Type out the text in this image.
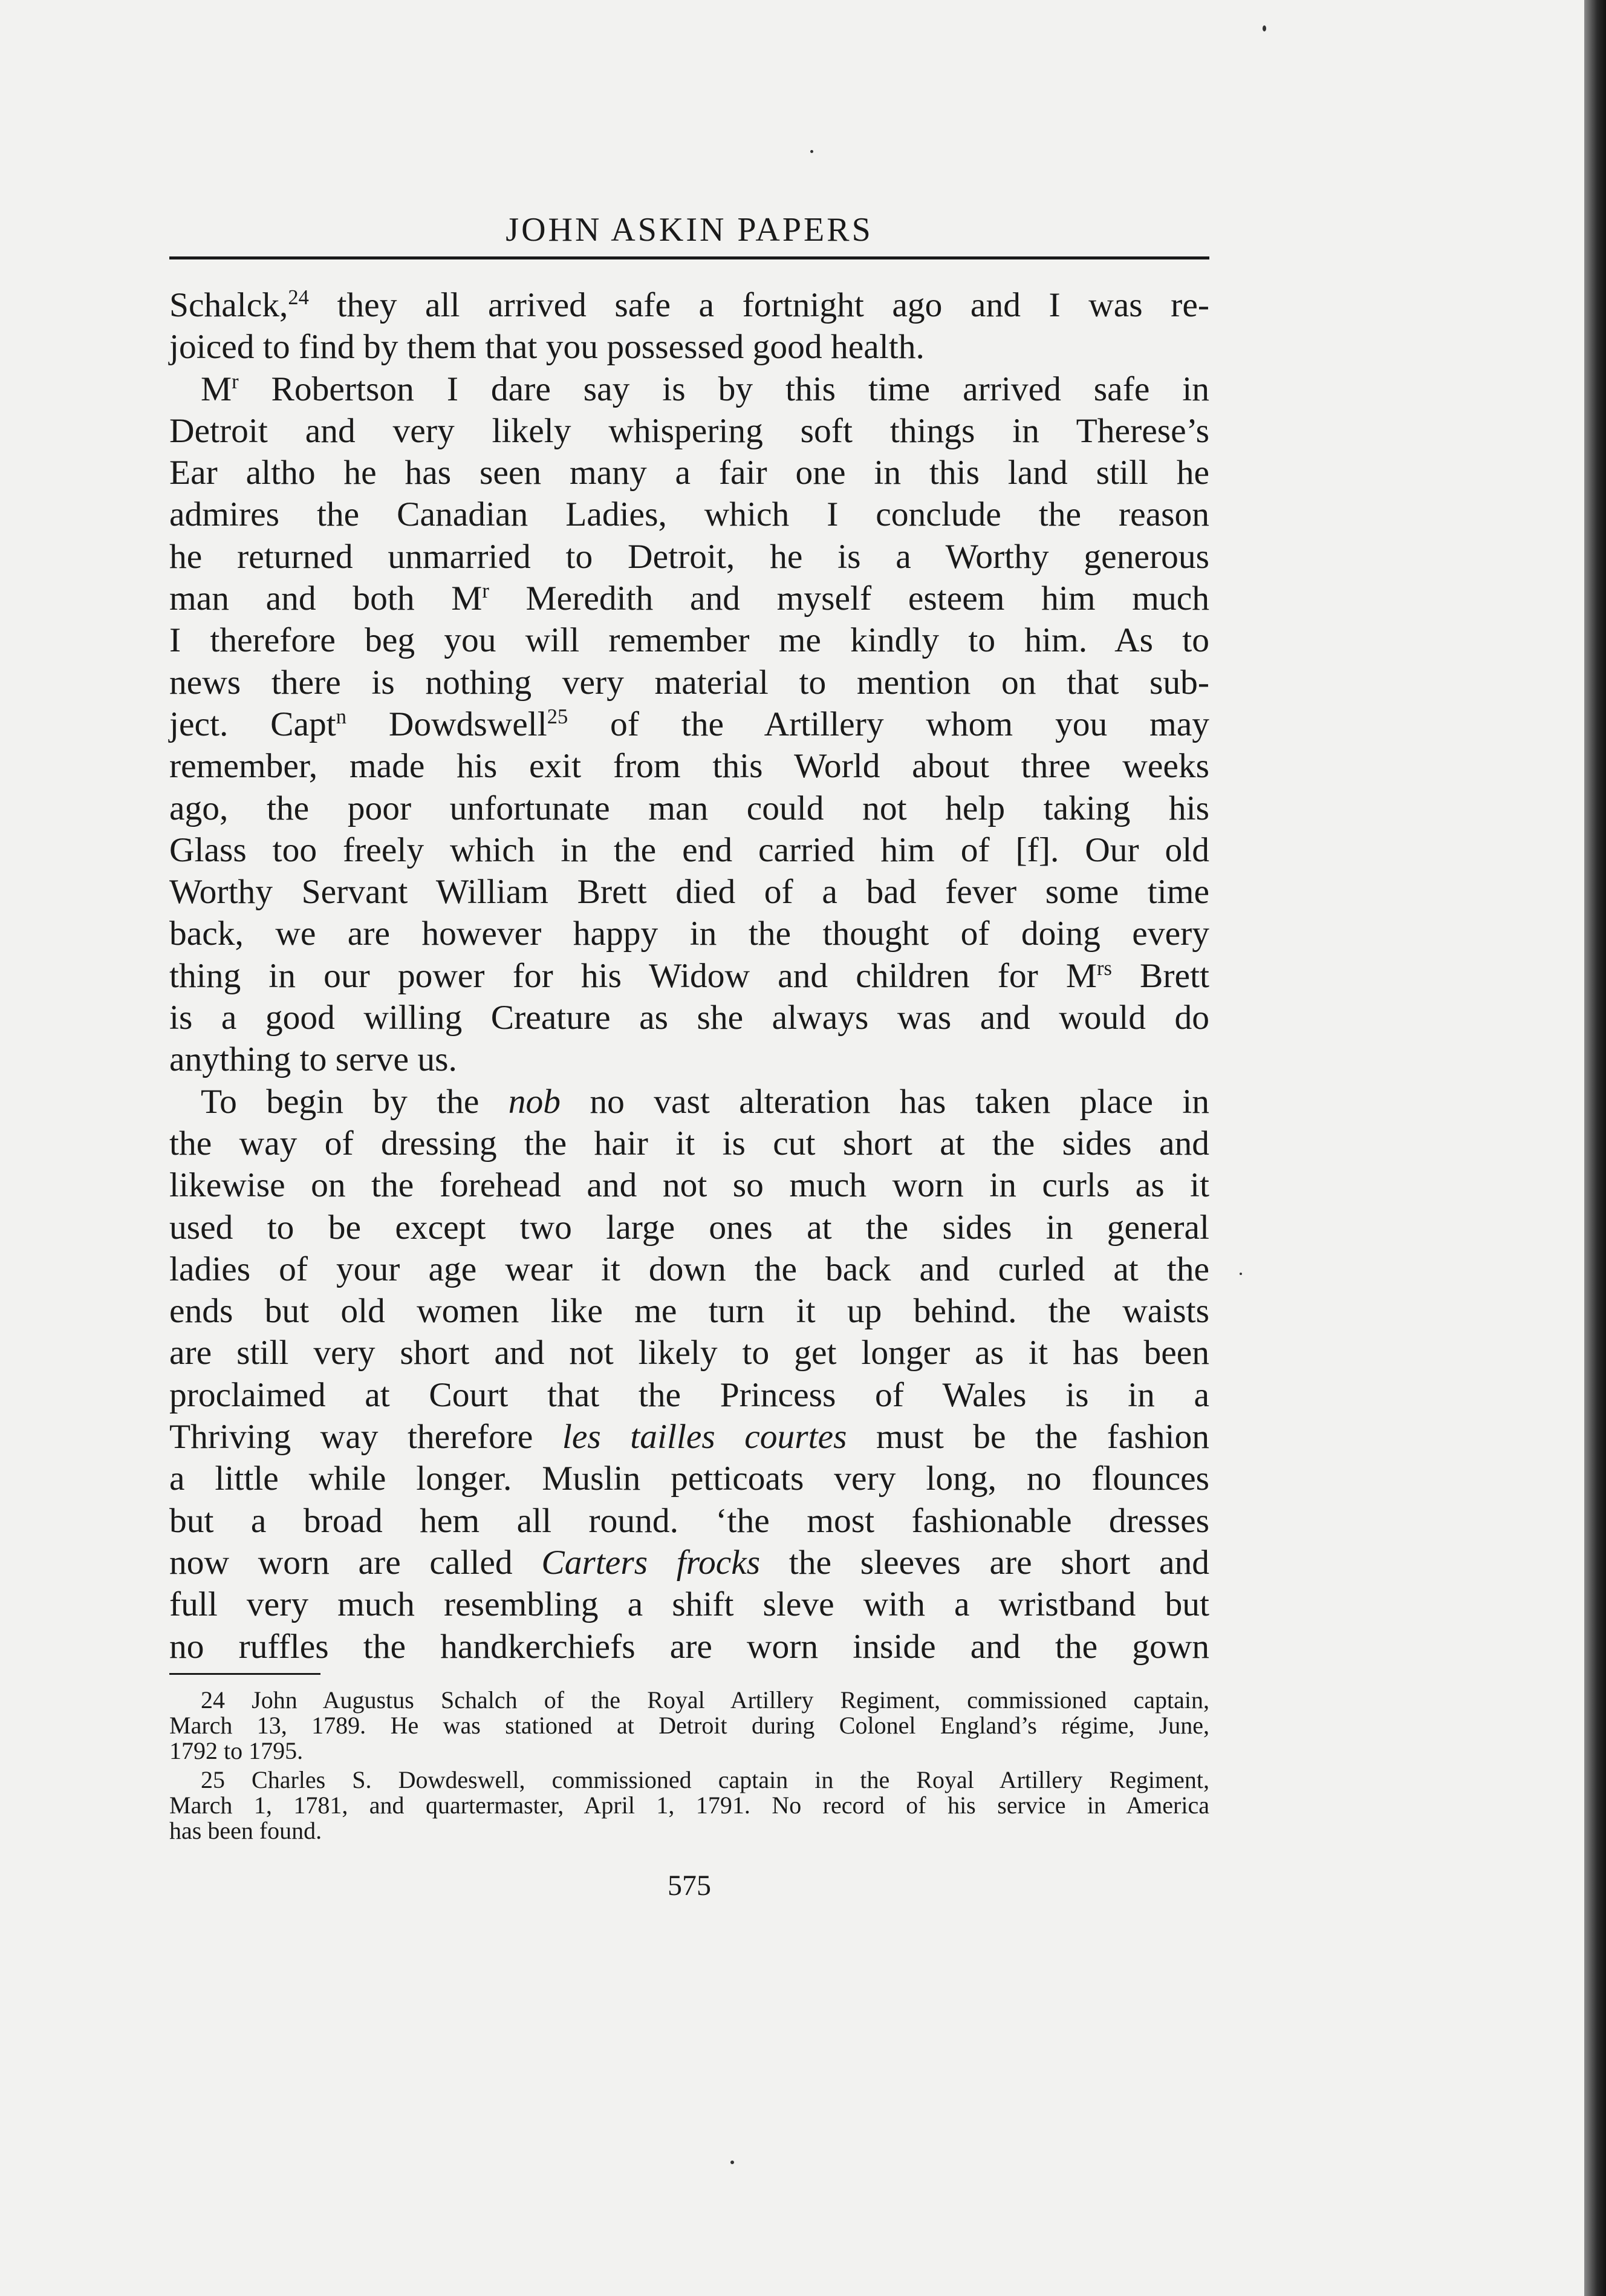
JOHN ASKIN PAPERS
Schalck,$^{24}$ they all arrived safe a fortnight ago and I was re-
joiced to find by them that you possessed good health.
$M^r$ Robertson I dare say is by this time arrived safe in
Detroit and very likely whispering soft things in Therese’s
Ear altho he has seen many a fair one in this land still he
admires the Canadian Ladies, which I conclude the reason
he returned unmarried to Detroit, he is a Worthy generous
man and both $M^r$ Meredith and myself esteem him much
I therefore beg you will remember me kindly to him. As to
news there is nothing very material to mention on that sub-
ject. Capt$^n$ Dowdswell$^{25}$ of the Artillery whom you may
remember, made his exit from this World about three weeks
ago, the poor unfortunate man could not help taking his
Glass too freely which in the end carried him of [f]. Our old
Worthy Servant William Brett died of a bad fever some time
back, we are however happy in the thought of doing every
thing in our power for his Widow and children for $M^{rs}$ Brett
is a good willing Creature as she always was and would do
anything to serve us.
To begin by the nob no vast alteration has taken place in
the way of dressing the hair it is cut short at the sides and
likewise on the forehead and not so much worn in curls as it
used to be except two large ones at the sides in general
ladies of your age wear it down the back and curled at the
ends but old women like me turn it up behind. the waists
are still very short and not likely to get longer as it has been
proclaimed at Court that the Princess of Wales is in a
Thriving way therefore les tailles courtes must be the fashion
a little while longer. Muslin petticoats very long, no flounces
but a broad hem all round. ‘the most fashionable dresses
now worn are called Carters frocks the sleeves are short and
full very much resembling a shift sleve with a wristband but
no ruffles the handkerchiefs are worn inside and the gown
24 John Augustus Schalch of the Royal Artillery Regiment, commissioned captain,
March 13, 1789. He was stationed at Detroit during Colonel England’s régime, June,
1792 to 1795.
25 Charles S. Dowdeswell, commissioned captain in the Royal Artillery Regiment,
March 1, 1781, and quartermaster, April 1, 1791. No record of his service in America
has been found.
575
